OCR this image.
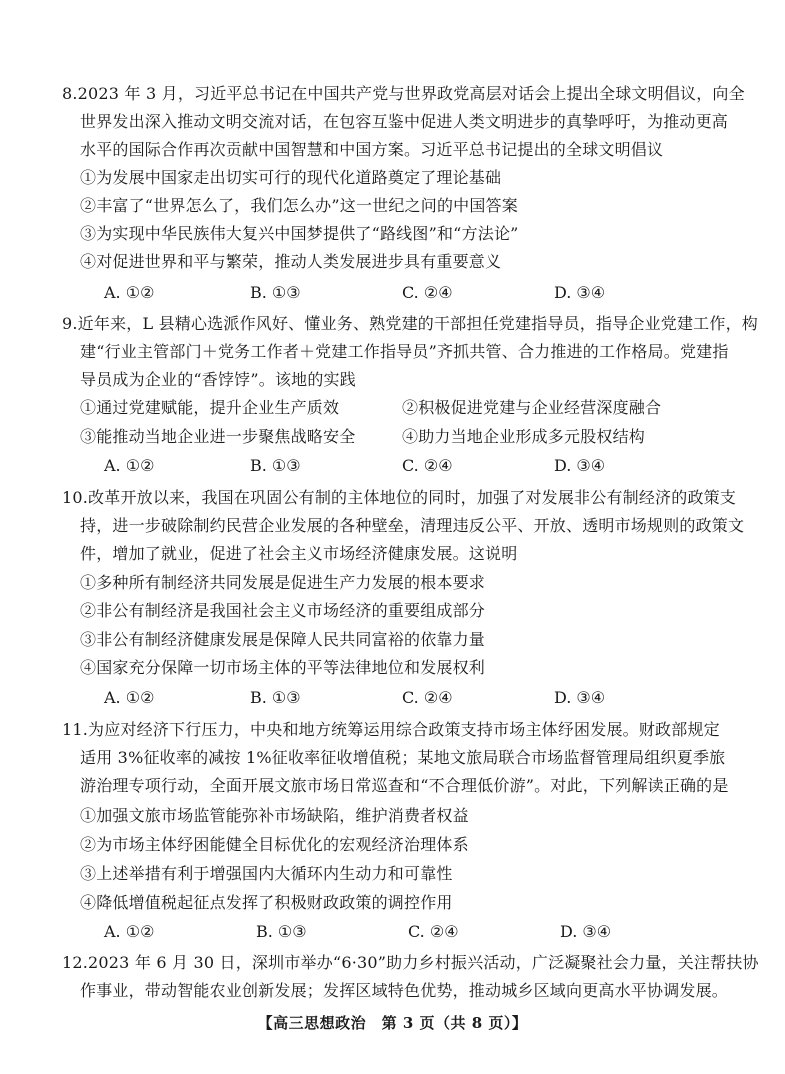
8.2023 年 3 月，习近平总书记在中国共产党与世界政党高层对话会上提出全球文明倡议，向全
世界发出深入推动文明交流对话，在包容互鉴中促进人类文明进步的真挚呼吁，为推动更高
水平的国际合作再次贡献中国智慧和中国方案。习近平总书记提出的全球文明倡议
①为发展中国家走出切实可行的现代化道路奠定了理论基础
②丰富了“世界怎么了，我们怎么办”这一世纪之问的中国答案
③为实现中华民族伟大复兴中国梦提供了“路线图”和“方法论”
④对促进世界和平与繁荣，推动人类发展进步具有重要意义
A. ①②	B. ①③	C. ②④	D. ③④
9.近年来，L 县精心选派作风好、懂业务、熟党建的干部担任党建指导员，指导企业党建工作，构
建“行业主管部门＋党务工作者＋党建工作指导员”齐抓共管、合力推进的工作格局。党建指
导员成为企业的“香饽饽”。该地的实践
①通过党建赋能，提升企业生产质效	②积极促进党建与企业经营深度融合
③能推动当地企业进一步聚焦战略安全	④助力当地企业形成多元股权结构
A. ①②	B. ①③	C. ②④	D. ③④
10.改革开放以来，我国在巩固公有制的主体地位的同时，加强了对发展非公有制经济的政策支
持，进一步破除制约民营企业发展的各种壁垒，清理违反公平、开放、透明市场规则的政策文
件，增加了就业，促进了社会主义市场经济健康发展。这说明
①多种所有制经济共同发展是促进生产力发展的根本要求
②非公有制经济是我国社会主义市场经济的重要组成部分
③非公有制经济健康发展是保障人民共同富裕的依靠力量
④国家充分保障一切市场主体的平等法律地位和发展权利
A. ①②	B. ①③	C. ②④	D. ③④
11.为应对经济下行压力，中央和地方统筹运用综合政策支持市场主体纾困发展。财政部规定
适用 3%征收率的减按 1%征收率征收增值税；某地文旅局联合市场监督管理局组织夏季旅
游治理专项行动，全面开展文旅市场日常巡查和“不合理低价游”。对此，下列解读正确的是
①加强文旅市场监管能弥补市场缺陷，维护消费者权益
②为市场主体纾困能健全目标优化的宏观经济治理体系
③上述举措有利于增强国内大循环内生动力和可靠性
④降低增值税起征点发挥了积极财政政策的调控作用
A. ①②	B. ①③	C. ②④	D. ③④
12.2023 年 6 月 30 日，深圳市举办“6·30”助力乡村振兴活动，广泛凝聚社会力量，关注帮扶协
作事业，带动智能农业创新发展；发挥区域特色优势，推动城乡区域向更高水平协调发展。
【高三思想政治　第 3 页（共 8 页）】
